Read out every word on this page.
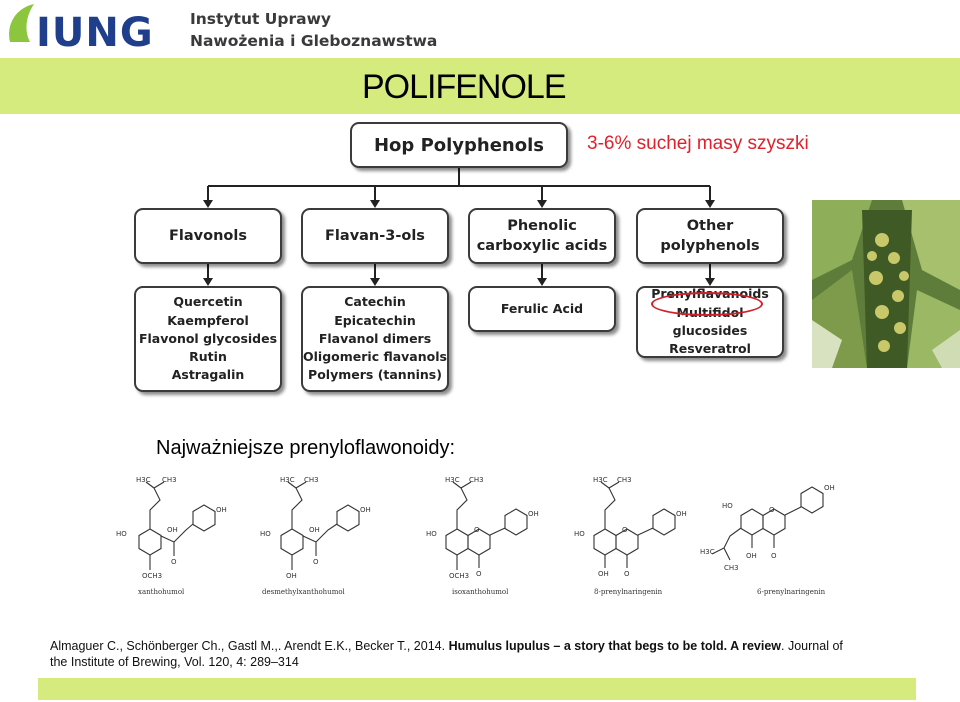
IUNG Instytut Uprawy
Nawożenia i Gleboznawstwa
POLIFENOLE
Hop Polyphenols 3-6% suchej masy szyszki
Flavonols	Flavan-3-ols
Phenolic
carboxylic acids
Other
polyphenols
Quercetin
Kaempferol
Flavonol glycosides
Rutin
Astragalin
Catechin
Epicatechin
Flavanol dimers
Oligomeric flavanols
Polymers (tannins)
Ferulic Acid
Prenylflavanoids
Multifidol glucosides
Resveratrol
Najważniejsze prenyloflawonoidy:
H3C CH3
HO	OH
OH
OCH3
O
xanthohumol
H3C CH3
HO	OH
OH
OH
O
desmethylxanthohumol
H3C CH3
HO	O
OH
OCH3 O
isoxanthohumol
H3C CH3
HO	O
OH
OH O
8-prenylnaringenin
OH
O
HO
H3C
CH3
OH O
6-prenylnaringenin
Almaguer C., Schönberger Ch., Gastl M.,. Arendt E.K., Becker T., 2014. Humulus lupulus – a story that begs to be told. A review. Journal of
the Institute of Brewing, Vol. 120, 4: 289–314
